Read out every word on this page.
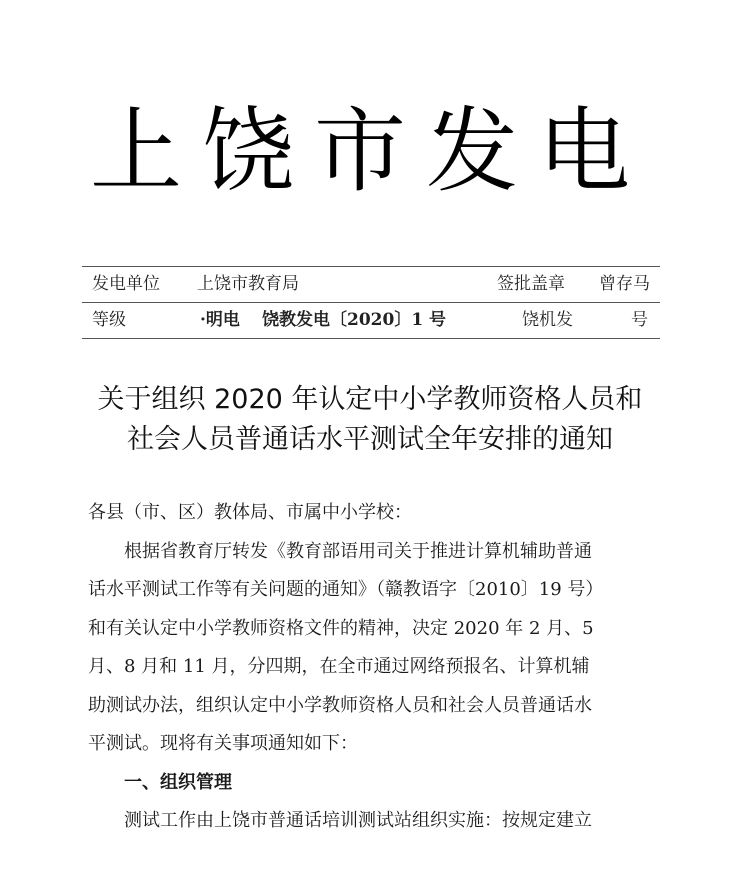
上饶市发电
发电单位 上饶市教育局	签批盖章 曾存马
等级	·明电 饶教发电〔2020〕1 号	饶机发	号
关于组织 2020 年认定中小学教师资格人员和
社会人员普通话水平测试全年安排的通知
各县（市、区）教体局、市属中小学校：
根据省教育厅转发《教育部语用司关于推进计算机辅助普通
话水平测试工作等有关问题的通知》（赣教语字〔2010〕19 号）
和有关认定中小学教师资格文件的精神，决定 2020 年 2 月、5
月、8 月和 11 月，分四期，在全市通过网络预报名、计算机辅
助测试办法，组织认定中小学教师资格人员和社会人员普通话水
平测试。现将有关事项通知如下：
一、组织管理
测试工作由上饶市普通话培训测试站组织实施：按规定建立
